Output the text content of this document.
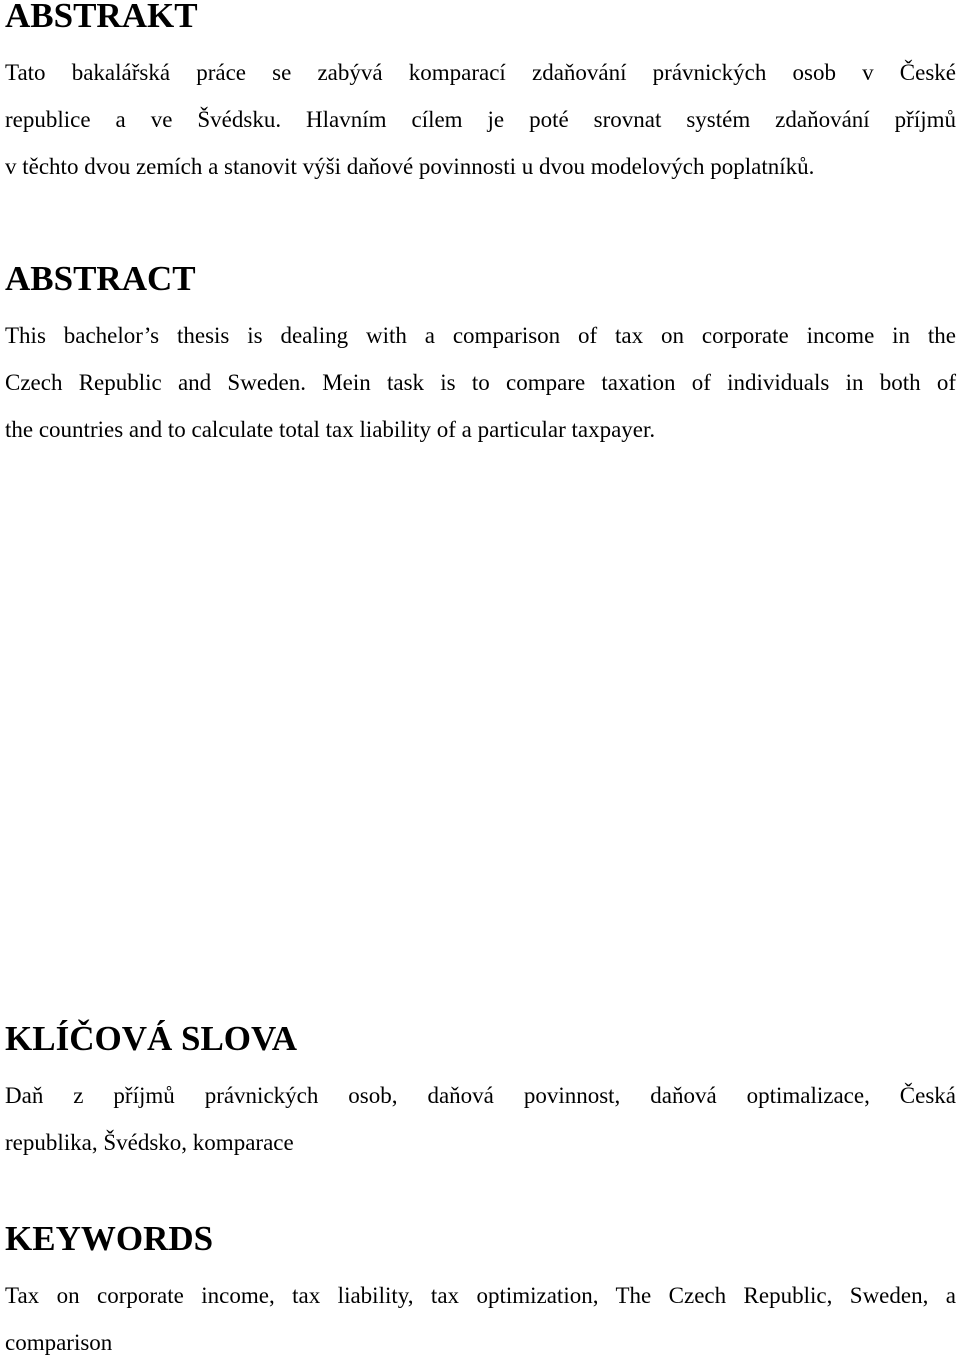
ABSTRAKT
Tato bakalářská práce se zabývá komparací zdaňování právnických osob v České
republice a ve Švédsku. Hlavním cílem je poté srovnat systém zdaňování příjmů
v těchto dvou zemích a stanovit výši daňové povinnosti u dvou modelových poplatníků.
ABSTRACT
This bachelor’s thesis is dealing with a comparison of tax on corporate income in the
Czech Republic and Sweden. Mein task is to compare taxation of individuals in both of
the countries and to calculate total tax liability of a particular taxpayer.
KLÍČOVÁ SLOVA
Daň z příjmů právnických osob, daňová povinnost, daňová optimalizace, Česká
republika, Švédsko, komparace
KEYWORDS
Tax on corporate income, tax liability, tax optimization, The Czech Republic, Sweden, a
comparison
